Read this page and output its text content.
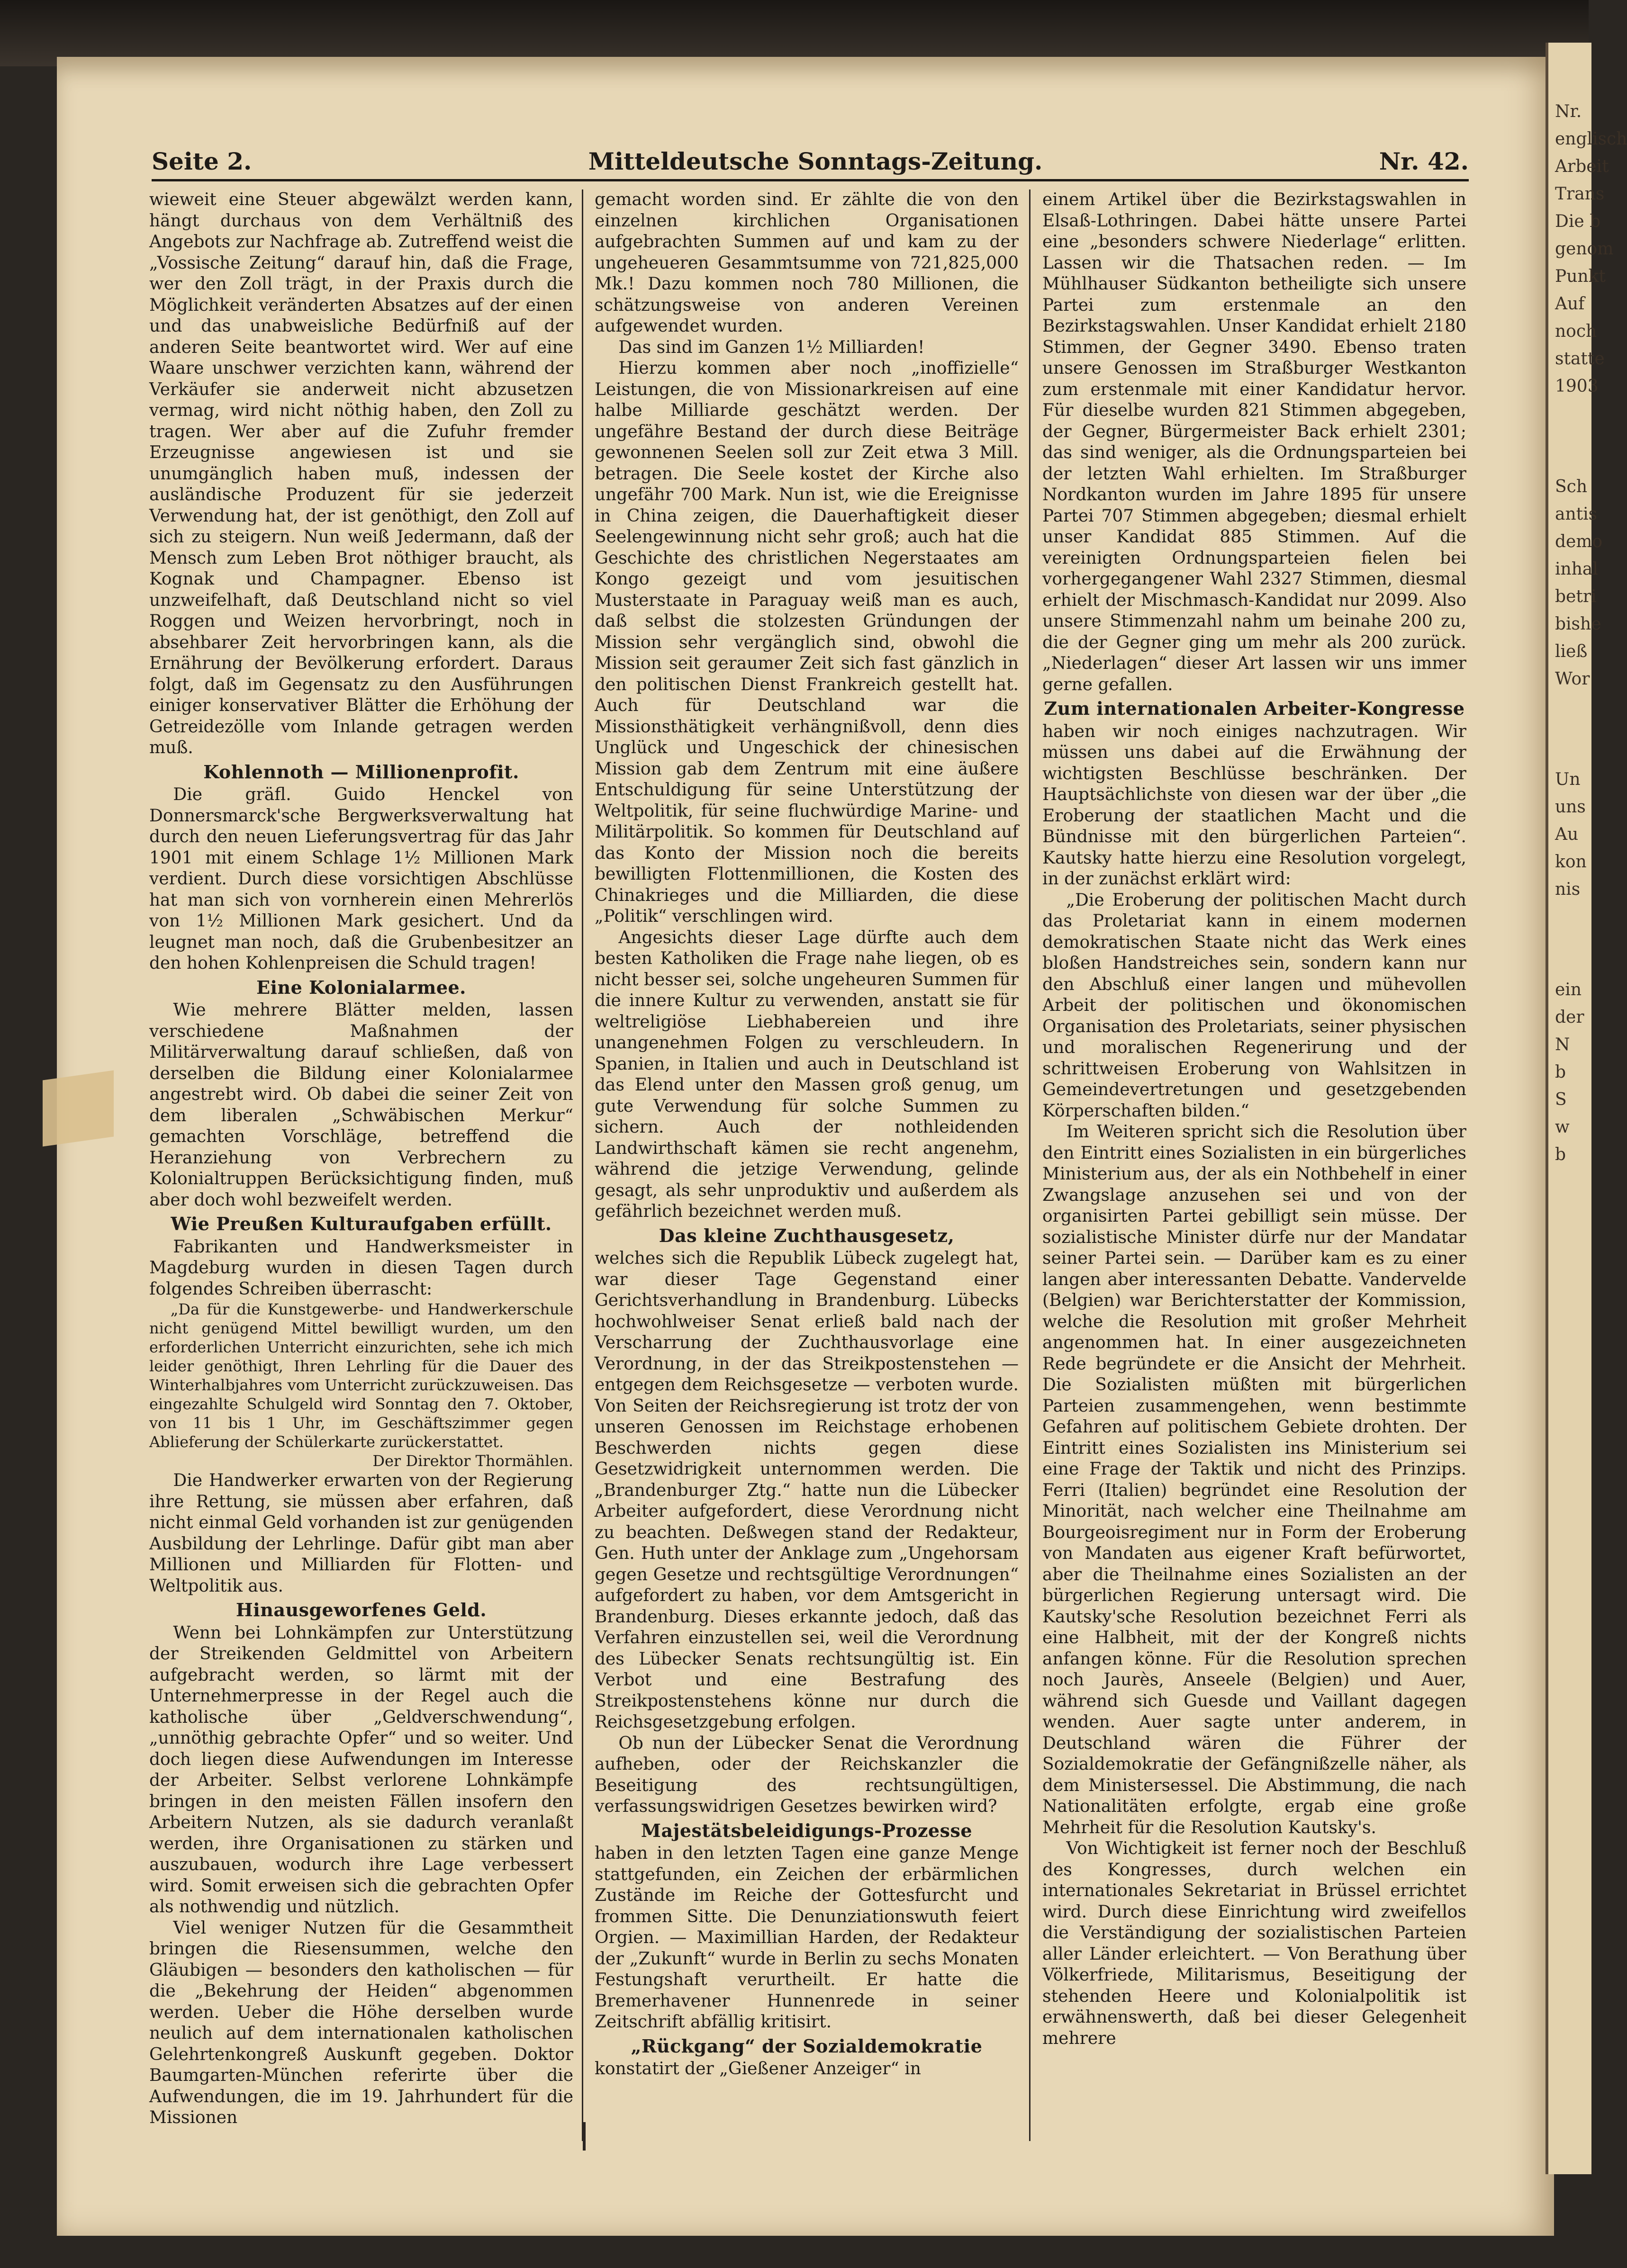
Nr.
englisch
Arbeit
Trans
Die b
genom
Punkt
Auf
noch
statte
1903
Sch
antis
demo
inhal
betri
bishe
ließ
Wor
Un
uns
Au
kon
nis
ein
der
N
b
S
w
b
Seite 2.	Mitteldeutsche Sonntags-Zeitung.	Nr. 42.

wieweit eine Steuer abgewälzt werden kann, hängt durchaus von dem Verhältniß des Angebots zur Nachfrage ab. Zutreffend weist die „Vossische Zeitung“ darauf hin, daß die Frage, wer den Zoll trägt, in der Praxis durch die Möglichkeit veränderten Absatzes auf der einen und das unabweisliche Bedürfniß auf der anderen Seite beantwortet wird. Wer auf eine Waare unschwer verzichten kann, während der Verkäufer sie anderweit nicht abzusetzen vermag, wird nicht nöthig haben, den Zoll zu tragen. Wer aber auf die Zufuhr fremder Erzeugnisse angewiesen ist und sie unumgänglich haben muß, indessen der ausländische Produzent für sie jederzeit Verwendung hat, der ist genöthigt, den Zoll auf sich zu steigern. Nun weiß Jedermann, daß der Mensch zum Leben Brot nöthiger braucht, als Kognak und Champagner. Ebenso ist unzweifelhaft, daß Deutschland nicht so viel Roggen und Weizen hervorbringt, noch in absehbarer Zeit hervorbringen kann, als die Ernährung der Bevölkerung erfordert. Daraus folgt, daß im Gegensatz zu den Ausführungen einiger konservativer Blätter die Erhöhung der Getreidezölle vom Inlande getragen werden muß.

Kohlennoth — Millionenprofit.

Die gräfl. Guido Henckel von Donnersmarck'sche Bergwerksverwaltung hat durch den neuen Lieferungsvertrag für das Jahr 1901 mit einem Schlage 1½ Millionen Mark verdient. Durch diese vorsichtigen Abschlüsse hat man sich von vornherein einen Mehrerlös von 1½ Millionen Mark gesichert. Und da leugnet man noch, daß die Grubenbesitzer an den hohen Kohlenpreisen die Schuld tragen!

Eine Kolonialarmee.

Wie mehrere Blätter melden, lassen verschiedene Maßnahmen der Militärverwaltung darauf schließen, daß von derselben die Bildung einer Kolonialarmee angestrebt wird. Ob dabei die seiner Zeit von dem liberalen „Schwäbischen Merkur“ gemachten Vorschläge, betreffend die Heranziehung von Verbrechern zu Kolonialtruppen Berücksichtigung finden, muß aber doch wohl bezweifelt werden.

Wie Preußen Kulturaufgaben erfüllt.

Fabrikanten und Handwerksmeister in Magdeburg wurden in diesen Tagen durch folgendes Schreiben überrascht:

„Da für die Kunstgewerbe- und Handwerkerschule nicht genügend Mittel bewilligt wurden, um den erforderlichen Unterricht einzurichten, sehe ich mich leider genöthigt, Ihren Lehrling für die Dauer des Winterhalbjahres vom Unterricht zurückzuweisen. Das eingezahlte Schulgeld wird Sonntag den 7. Oktober, von 11 bis 1 Uhr, im Geschäftszimmer gegen Ablieferung der Schülerkarte zurückerstattet.

Der Direktor Thormählen.

Die Handwerker erwarten von der Regierung ihre Rettung, sie müssen aber erfahren, daß nicht einmal Geld vorhanden ist zur genügenden Ausbildung der Lehrlinge. Dafür gibt man aber Millionen und Milliarden für Flotten- und Weltpolitik aus.

Hinausgeworfenes Geld.

Wenn bei Lohnkämpfen zur Unterstützung der Streikenden Geldmittel von Arbeitern aufgebracht werden, so lärmt mit der Unternehmerpresse in der Regel auch die katholische über „Geldverschwendung“, „unnöthig gebrachte Opfer“ und so weiter. Und doch liegen diese Aufwendungen im Interesse der Arbeiter. Selbst verlorene Lohnkämpfe bringen in den meisten Fällen insofern den Arbeitern Nutzen, als sie dadurch veranlaßt werden, ihre Organisationen zu stärken und auszubauen, wodurch ihre Lage verbessert wird. Somit erweisen sich die gebrachten Opfer als nothwendig und nützlich.

Viel weniger Nutzen für die Gesammtheit bringen die Riesensummen, welche den Gläubigen — besonders den katholischen — für die „Bekehrung der Heiden“ abgenommen werden. Ueber die Höhe derselben wurde neulich auf dem internationalen katholischen Gelehrtenkongreß Auskunft gegeben. Doktor Baumgarten-München referirte über die Aufwendungen, die im 19. Jahrhundert für die Missionen

gemacht worden sind. Er zählte die von den einzelnen kirchlichen Organisationen aufgebrachten Summen auf und kam zu der ungeheueren Gesammtsumme von 721,825,000 Mk.! Dazu kommen noch 780 Millionen, die schätzungsweise von anderen Vereinen aufgewendet wurden.

Das sind im Ganzen 1½ Milliarden!

Hierzu kommen aber noch „inoffizielle“ Leistungen, die von Missionarkreisen auf eine halbe Milliarde geschätzt werden. Der ungefähre Bestand der durch diese Beiträge gewonnenen Seelen soll zur Zeit etwa 3 Mill. betragen. Die Seele kostet der Kirche also ungefähr 700 Mark. Nun ist, wie die Ereignisse in China zeigen, die Dauerhaftigkeit dieser Seelengewinnung nicht sehr groß; auch hat die Geschichte des christlichen Negerstaates am Kongo gezeigt und vom jesuitischen Musterstaate in Paraguay weiß man es auch, daß selbst die stolzesten Gründungen der Mission sehr vergänglich sind, obwohl die Mission seit geraumer Zeit sich fast gänzlich in den politischen Dienst Frankreich gestellt hat. Auch für Deutschland war die Missionsthätigkeit verhängnißvoll, denn dies Unglück und Ungeschick der chinesischen Mission gab dem Zentrum mit eine äußere Entschuldigung für seine Unterstützung der Weltpolitik, für seine fluchwürdige Marine- und Militärpolitik. So kommen für Deutschland auf das Konto der Mission noch die bereits bewilligten Flottenmillionen, die Kosten des Chinakrieges und die Milliarden, die diese „Politik“ verschlingen wird.

Angesichts dieser Lage dürfte auch dem besten Katholiken die Frage nahe liegen, ob es nicht besser sei, solche ungeheuren Summen für die innere Kultur zu verwenden, anstatt sie für weltreligiöse Liebhabereien und ihre unangenehmen Folgen zu verschleudern. In Spanien, in Italien und auch in Deutschland ist das Elend unter den Massen groß genug, um gute Verwendung für solche Summen zu sichern. Auch der nothleidenden Landwirthschaft kämen sie recht angenehm, während die jetzige Verwendung, gelinde gesagt, als sehr unproduktiv und außerdem als gefährlich bezeichnet werden muß.

Das kleine Zuchthausgesetz,

welches sich die Republik Lübeck zugelegt hat, war dieser Tage Gegenstand einer Gerichtsverhandlung in Brandenburg. Lübecks hochwohlweiser Senat erließ bald nach der Verscharrung der Zuchthausvorlage eine Verordnung, in der das Streikpostenstehen — entgegen dem Reichsgesetze — verboten wurde. Von Seiten der Reichsregierung ist trotz der von unseren Genossen im Reichstage erhobenen Beschwerden nichts gegen diese Gesetzwidrigkeit unternommen werden. Die „Brandenburger Ztg.“ hatte nun die Lübecker Arbeiter aufgefordert, diese Verordnung nicht zu beachten. Deßwegen stand der Redakteur, Gen. Huth unter der Anklage zum „Ungehorsam gegen Gesetze und rechtsgültige Verordnungen“ aufgefordert zu haben, vor dem Amtsgericht in Brandenburg. Dieses erkannte jedoch, daß das Verfahren einzustellen sei, weil die Verordnung des Lübecker Senats rechtsungültig ist. Ein Verbot und eine Bestrafung des Streikpostenstehens könne nur durch die Reichsgesetzgebung erfolgen.

Ob nun der Lübecker Senat die Verordnung aufheben, oder der Reichskanzler die Beseitigung des rechtsungültigen, verfassungswidrigen Gesetzes bewirken wird?

Majestätsbeleidigungs-Prozesse

haben in den letzten Tagen eine ganze Menge stattgefunden, ein Zeichen der erbärmlichen Zustände im Reiche der Gottesfurcht und frommen Sitte. Die Denunziationswuth feiert Orgien. — Maximillian Harden, der Redakteur der „Zukunft“ wurde in Berlin zu sechs Monaten Festungshaft verurtheilt. Er hatte die Bremerhavener Hunnenrede in seiner Zeitschrift abfällig kritisirt.

„Rückgang“ der Sozialdemokratie

konstatirt der „Gießener Anzeiger“ in

einem Artikel über die Bezirkstagswahlen in Elsaß-Lothringen. Dabei hätte unsere Partei eine „besonders schwere Niederlage“ erlitten. Lassen wir die Thatsachen reden. — Im Mühlhauser Südkanton betheiligte sich unsere Partei zum erstenmale an den Bezirkstagswahlen. Unser Kandidat erhielt 2180 Stimmen, der Gegner 3490. Ebenso traten unsere Genossen im Straßburger Westkanton zum erstenmale mit einer Kandidatur hervor. Für dieselbe wurden 821 Stimmen abgegeben, der Gegner, Bürgermeister Back erhielt 2301; das sind weniger, als die Ordnungsparteien bei der letzten Wahl erhielten. Im Straßburger Nordkanton wurden im Jahre 1895 für unsere Partei 707 Stimmen abgegeben; diesmal erhielt unser Kandidat 885 Stimmen. Auf die vereinigten Ordnungsparteien fielen bei vorhergegangener Wahl 2327 Stimmen, diesmal erhielt der Mischmasch-Kandidat nur 2099. Also unsere Stimmenzahl nahm um beinahe 200 zu, die der Gegner ging um mehr als 200 zurück. „Niederlagen“ dieser Art lassen wir uns immer gerne gefallen.

Zum internationalen Arbeiter-Kongresse

haben wir noch einiges nachzutragen. Wir müssen uns dabei auf die Erwähnung der wichtigsten Beschlüsse beschränken. Der Hauptsächlichste von diesen war der über „die Eroberung der staatlichen Macht und die Bündnisse mit den bürgerlichen Parteien“. Kautsky hatte hierzu eine Resolution vorgelegt, in der zunächst erklärt wird:

„Die Eroberung der politischen Macht durch das Proletariat kann in einem modernen demokratischen Staate nicht das Werk eines bloßen Handstreiches sein, sondern kann nur den Abschluß einer langen und mühevollen Arbeit der politischen und ökonomischen Organisation des Proletariats, seiner physischen und moralischen Regenerirung und der schrittweisen Eroberung von Wahlsitzen in Gemeindevertretungen und gesetzgebenden Körperschaften bilden.“

Im Weiteren spricht sich die Resolution über den Eintritt eines Sozialisten in ein bürgerliches Ministerium aus, der als ein Nothbehelf in einer Zwangslage anzusehen sei und von der organisirten Partei gebilligt sein müsse. Der sozialistische Minister dürfe nur der Mandatar seiner Partei sein. — Darüber kam es zu einer langen aber interessanten Debatte. Vandervelde (Belgien) war Berichterstatter der Kommission, welche die Resolution mit großer Mehrheit angenommen hat. In einer ausgezeichneten Rede begründete er die Ansicht der Mehrheit. Die Sozialisten müßten mit bürgerlichen Parteien zusammengehen, wenn bestimmte Gefahren auf politischem Gebiete drohten. Der Eintritt eines Sozialisten ins Ministerium sei eine Frage der Taktik und nicht des Prinzips. Ferri (Italien) begründet eine Resolution der Minorität, nach welcher eine Theilnahme am Bourgeoisregiment nur in Form der Eroberung von Mandaten aus eigener Kraft befürwortet, aber die Theilnahme eines Sozialisten an der bürgerlichen Regierung untersagt wird. Die Kautsky'sche Resolution bezeichnet Ferri als eine Halbheit, mit der der Kongreß nichts anfangen könne. Für die Resolution sprechen noch Jaurès, Anseele (Belgien) und Auer, während sich Guesde und Vaillant dagegen wenden. Auer sagte unter anderem, in Deutschland wären die Führer der Sozialdemokratie der Gefängnißzelle näher, als dem Ministersessel. Die Abstimmung, die nach Nationalitäten erfolgte, ergab eine große Mehrheit für die Resolution Kautsky's.

Von Wichtigkeit ist ferner noch der Beschluß des Kongresses, durch welchen ein internationales Sekretariat in Brüssel errichtet wird. Durch diese Einrichtung wird zweifellos die Verständigung der sozialistischen Parteien aller Länder erleichtert. — Von Berathung über Völkerfriede, Militarismus, Beseitigung der stehenden Heere und Kolonialpolitik ist erwähnenswerth, daß bei dieser Gelegenheit mehrere
